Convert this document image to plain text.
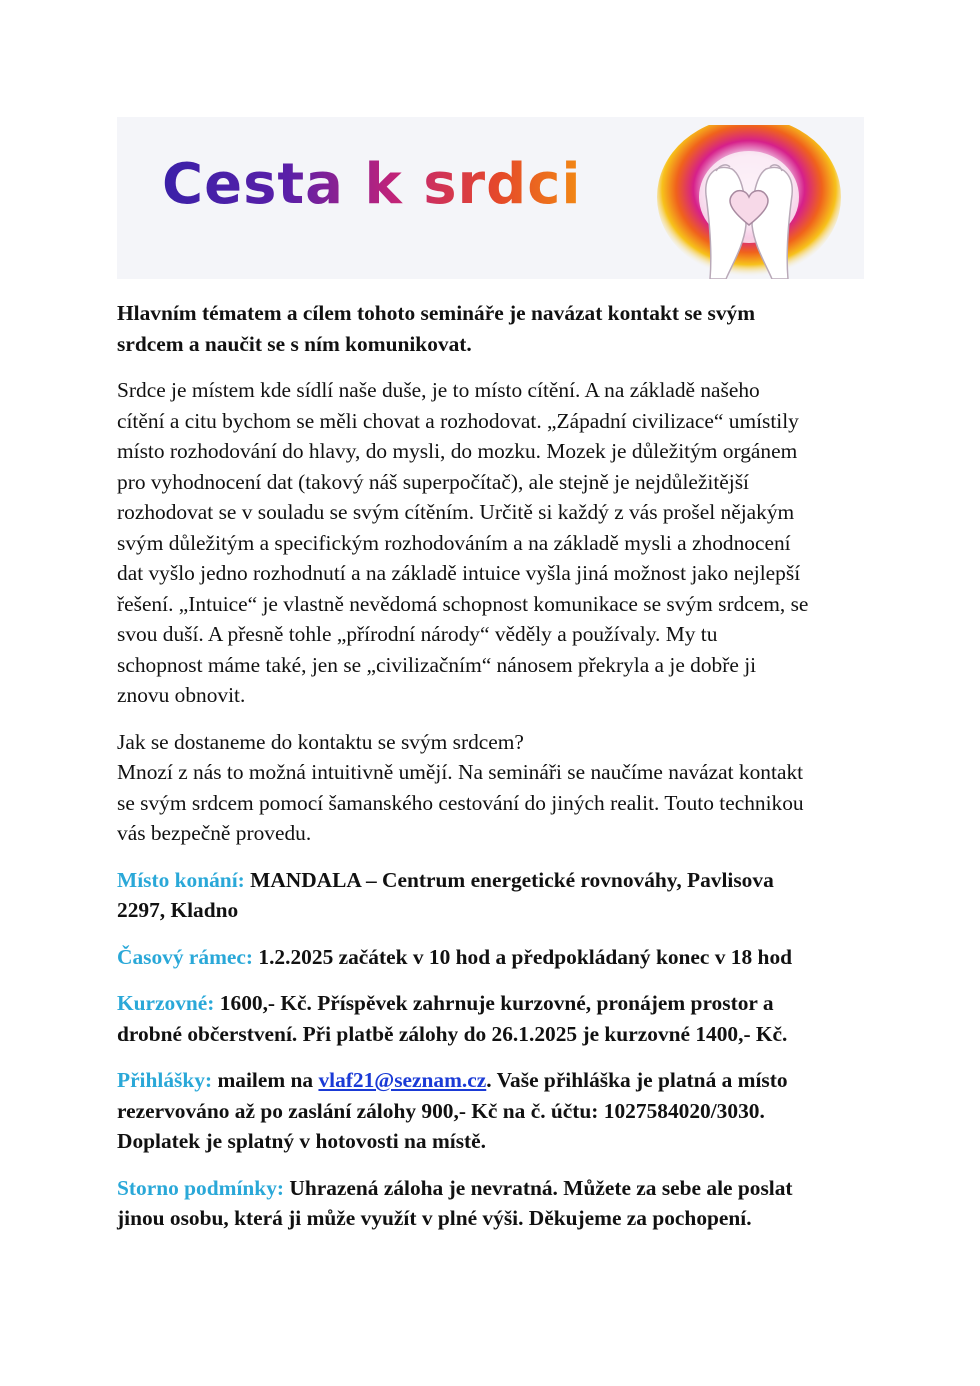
Cesta k srdci

Hlavním tématem a cílem tohoto semináře je navázat kontakt se svým
srdcem a naučit se s ním komunikovat.

Srdce je místem kde sídlí naše duše, je to místo cítění. A na základě našeho
cítění a citu bychom se měli chovat a rozhodovat. „Západní civilizace“ umístily
místo rozhodování do hlavy, do mysli, do mozku. Mozek je důležitým orgánem
pro vyhodnocení dat (takový náš superpočítač), ale stejně je nejdůležitější
rozhodovat se v souladu se svým cítěním. Určitě si každý z vás prošel nějakým
svým důležitým a specifickým rozhodováním a na základě mysli a zhodnocení
dat vyšlo jedno rozhodnutí a na základě intuice vyšla jiná možnost jako nejlepší
řešení. „Intuice“ je vlastně nevědomá schopnost komunikace se svým srdcem, se
svou duší. A přesně tohle „přírodní národy“ věděly a používaly. My tu
schopnost máme také, jen se „civilizačním“ nánosem překryla a je dobře ji
znovu obnovit.

Jak se dostaneme do kontaktu se svým srdcem?
Mnozí z nás to možná intuitivně umějí. Na semináři se naučíme navázat kontakt
se svým srdcem pomocí šamanského cestování do jiných realit. Touto technikou
vás bezpečně provedu.

Místo konání: MANDALA – Centrum energetické rovnováhy, Pavlisova
2297, Kladno

Časový rámec: 1.2.2025 začátek v 10 hod a předpokládaný konec v 18 hod

Kurzovné: 1600,- Kč. Příspěvek zahrnuje kurzovné, pronájem prostor a
drobné občerstvení. Při platbě zálohy do 26.1.2025 je kurzovné 1400,- Kč.

Přihlášky: mailem na vlaf21@seznam.cz. Vaše přihláška je platná a místo
rezervováno až po zaslání zálohy 900,- Kč na č. účtu: 1027584020/3030.
Doplatek je splatný v hotovosti na místě.

Storno podmínky: Uhrazená záloha je nevratná. Můžete za sebe ale poslat
jinou osobu, která ji může využít v plné výši. Děkujeme za pochopení.
